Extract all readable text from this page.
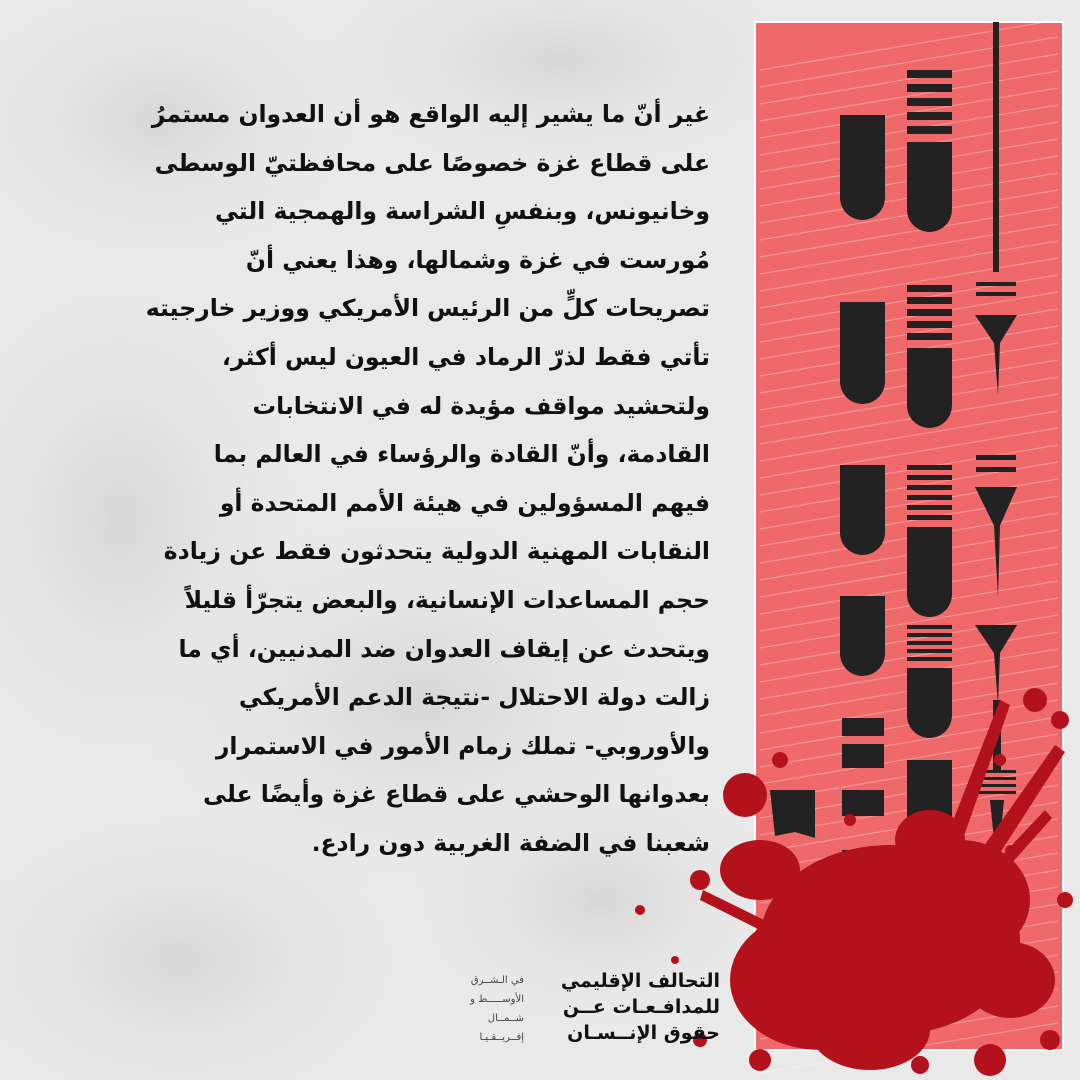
غير أنّ ما يشير إليه الواقع هو أن العدوان مستمرُ
على قطاع غزة خصوصًا على محافظتيّ الوسطى
وخانيونس، وبنفسِ الشراسة والهمجية التي
مُورست في غزة وشمالها، وهذا يعني أنّ
تصريحات كلٍّ من الرئيس الأمريكي ووزير خارجيته
تأتي فقط لذرّ الرماد في العيون ليس أكثر،
ولتحشيد مواقف مؤيدة له في الانتخابات
القادمة، وأنّ القادة والرؤساء في العالم بما
فيهم المسؤولين في هيئة الأمم المتحدة أو
النقابات المهنية الدولية يتحدثون فقط عن زيادة
حجم المساعدات الإنسانية، والبعض يتجرّأ قليلاً
ويتحدث عن إيقاف العدوان ضد المدنيين، أي ما
زالت دولة الاحتلال -نتيجة الدعم الأمريكي
والأوروبي- تملك زمام الأمور في الاستمرار
بعدوانها الوحشي على قطاع غزة وأيضًا على
شعبنا في الضفة الغربية دون رادع.
التحالف الإقليمي
للمدافـعـات عــن
حقوق الإنــسـان
في الـشــرق
الأوســـــط و
شــمــال
إفــريــقـيـا
